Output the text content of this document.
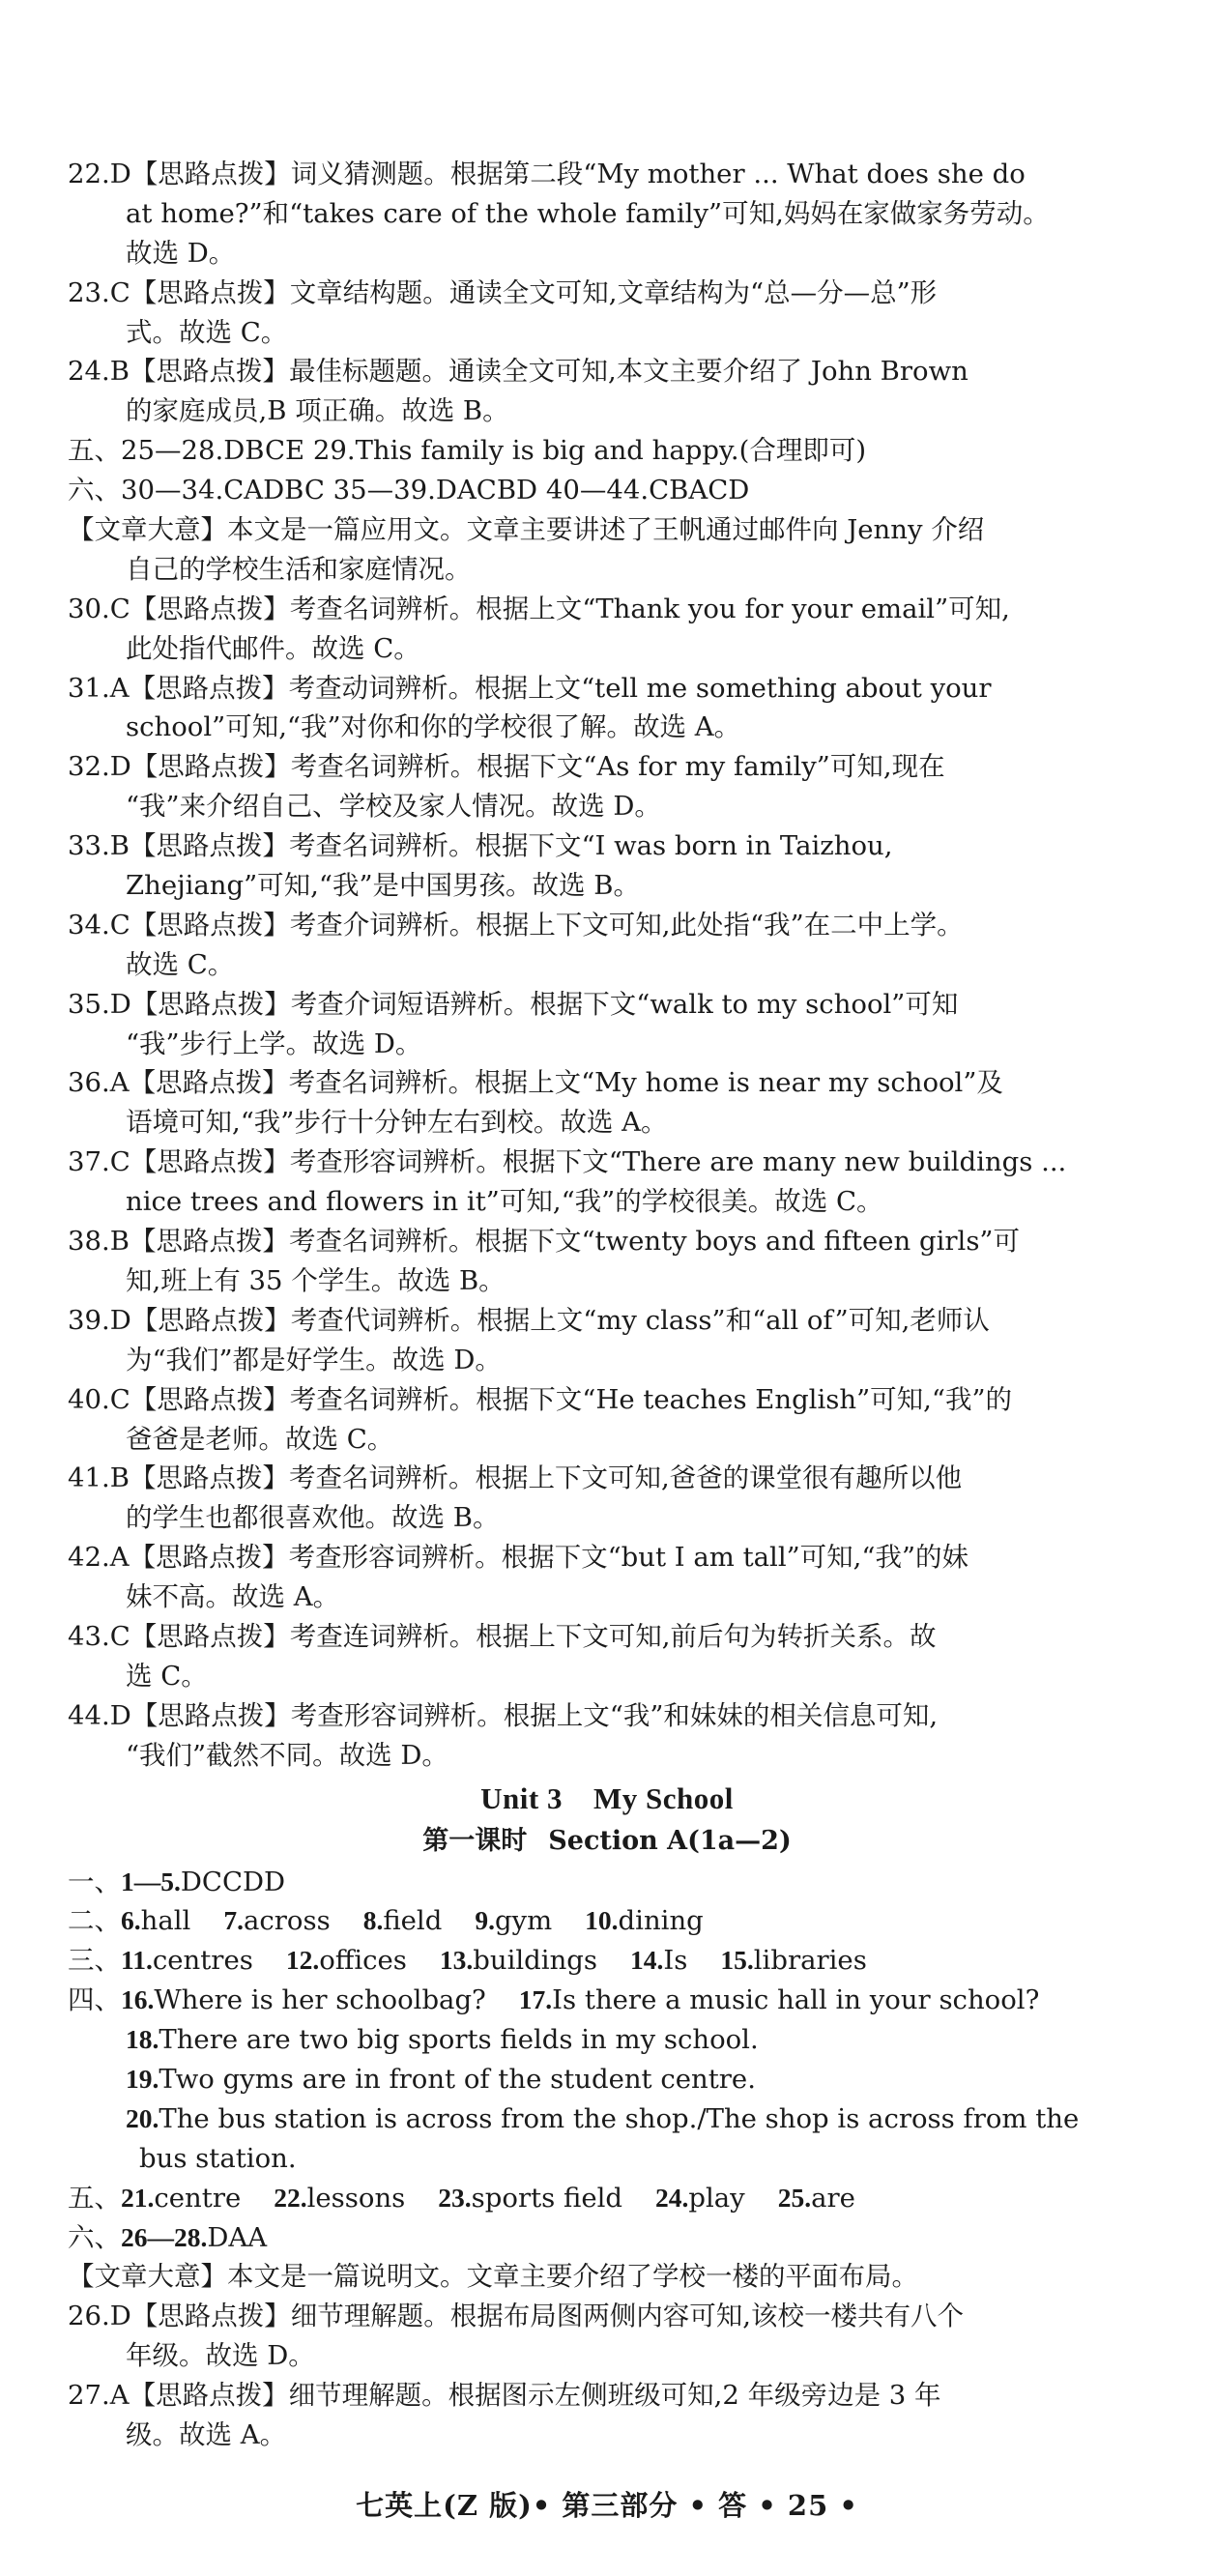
22.D【思路点拨】词义猜测题。根据第二段“My mother ... What does she do
at home?”和“takes care of the whole family”可知,妈妈在家做家务劳动。
故选 D。
23.C【思路点拨】文章结构题。通读全文可知,文章结构为“总—分—总”形
式。故选 C。
24.B【思路点拨】最佳标题题。通读全文可知,本文主要介绍了 John Brown
的家庭成员,B 项正确。故选 B。
五、25—28.DBCE 29.This family is big and happy.(合理即可)
六、30—34.CADBC 35—39.DACBD 40—44.CBACD
【文章大意】本文是一篇应用文。文章主要讲述了王帆通过邮件向 Jenny 介绍
自己的学校生活和家庭情况。
30.C【思路点拨】考查名词辨析。根据上文“Thank you for your email”可知,
此处指代邮件。故选 C。
31.A【思路点拨】考查动词辨析。根据上文“tell me something about your
school”可知,“我”对你和你的学校很了解。故选 A。
32.D【思路点拨】考查名词辨析。根据下文“As for my family”可知,现在
“我”来介绍自己、学校及家人情况。故选 D。
33.B【思路点拨】考查名词辨析。根据下文“I was born in Taizhou,
Zhejiang”可知,“我”是中国男孩。故选 B。
34.C【思路点拨】考查介词辨析。根据上下文可知,此处指“我”在二中上学。
故选 C。
35.D【思路点拨】考查介词短语辨析。根据下文“walk to my school”可知
“我”步行上学。故选 D。
36.A【思路点拨】考查名词辨析。根据上文“My home is near my school”及
语境可知,“我”步行十分钟左右到校。故选 A。
37.C【思路点拨】考查形容词辨析。根据下文“There are many new buildings ...
nice trees and flowers in it”可知,“我”的学校很美。故选 C。
38.B【思路点拨】考查名词辨析。根据下文“twenty boys and fifteen girls”可
知,班上有 35 个学生。故选 B。
39.D【思路点拨】考查代词辨析。根据上文“my class”和“all of”可知,老师认
为“我们”都是好学生。故选 D。
40.C【思路点拨】考查名词辨析。根据下文“He teaches English”可知,“我”的
爸爸是老师。故选 C。
41.B【思路点拨】考查名词辨析。根据上下文可知,爸爸的课堂很有趣所以他
的学生也都很喜欢他。故选 B。
42.A【思路点拨】考查形容词辨析。根据下文“but I am tall”可知,“我”的妹
妹不高。故选 A。
43.C【思路点拨】考查连词辨析。根据上下文可知,前后句为转折关系。故
选 C。
44.D【思路点拨】考查形容词辨析。根据上文“我”和妹妹的相关信息可知,
“我们”截然不同。故选 D。
Unit 3 My School
第一课时 Section A(1a—2)
一、1—5.DCCDD
二、6.hall 7.across 8.field 9.gym 10.dining
三、11.centres 12.offices 13.buildings 14.Is 15.libraries
四、16.Where is her schoolbag? 17.Is there a music hall in your school?
18.There are two big sports fields in my school.
19.Two gyms are in front of the student centre.
20.The bus station is across from the shop./The shop is across from the
bus station.
五、21.centre 22.lessons 23.sports field 24.play 25.are
六、26—28.DAA
【文章大意】本文是一篇说明文。文章主要介绍了学校一楼的平面布局。
26.D【思路点拨】细节理解题。根据布局图两侧内容可知,该校一楼共有八个
年级。故选 D。
27.A【思路点拨】细节理解题。根据图示左侧班级可知,2 年级旁边是 3 年
级。故选 A。
七英上(Z 版)• 第三部分 • 答 • 25 •
